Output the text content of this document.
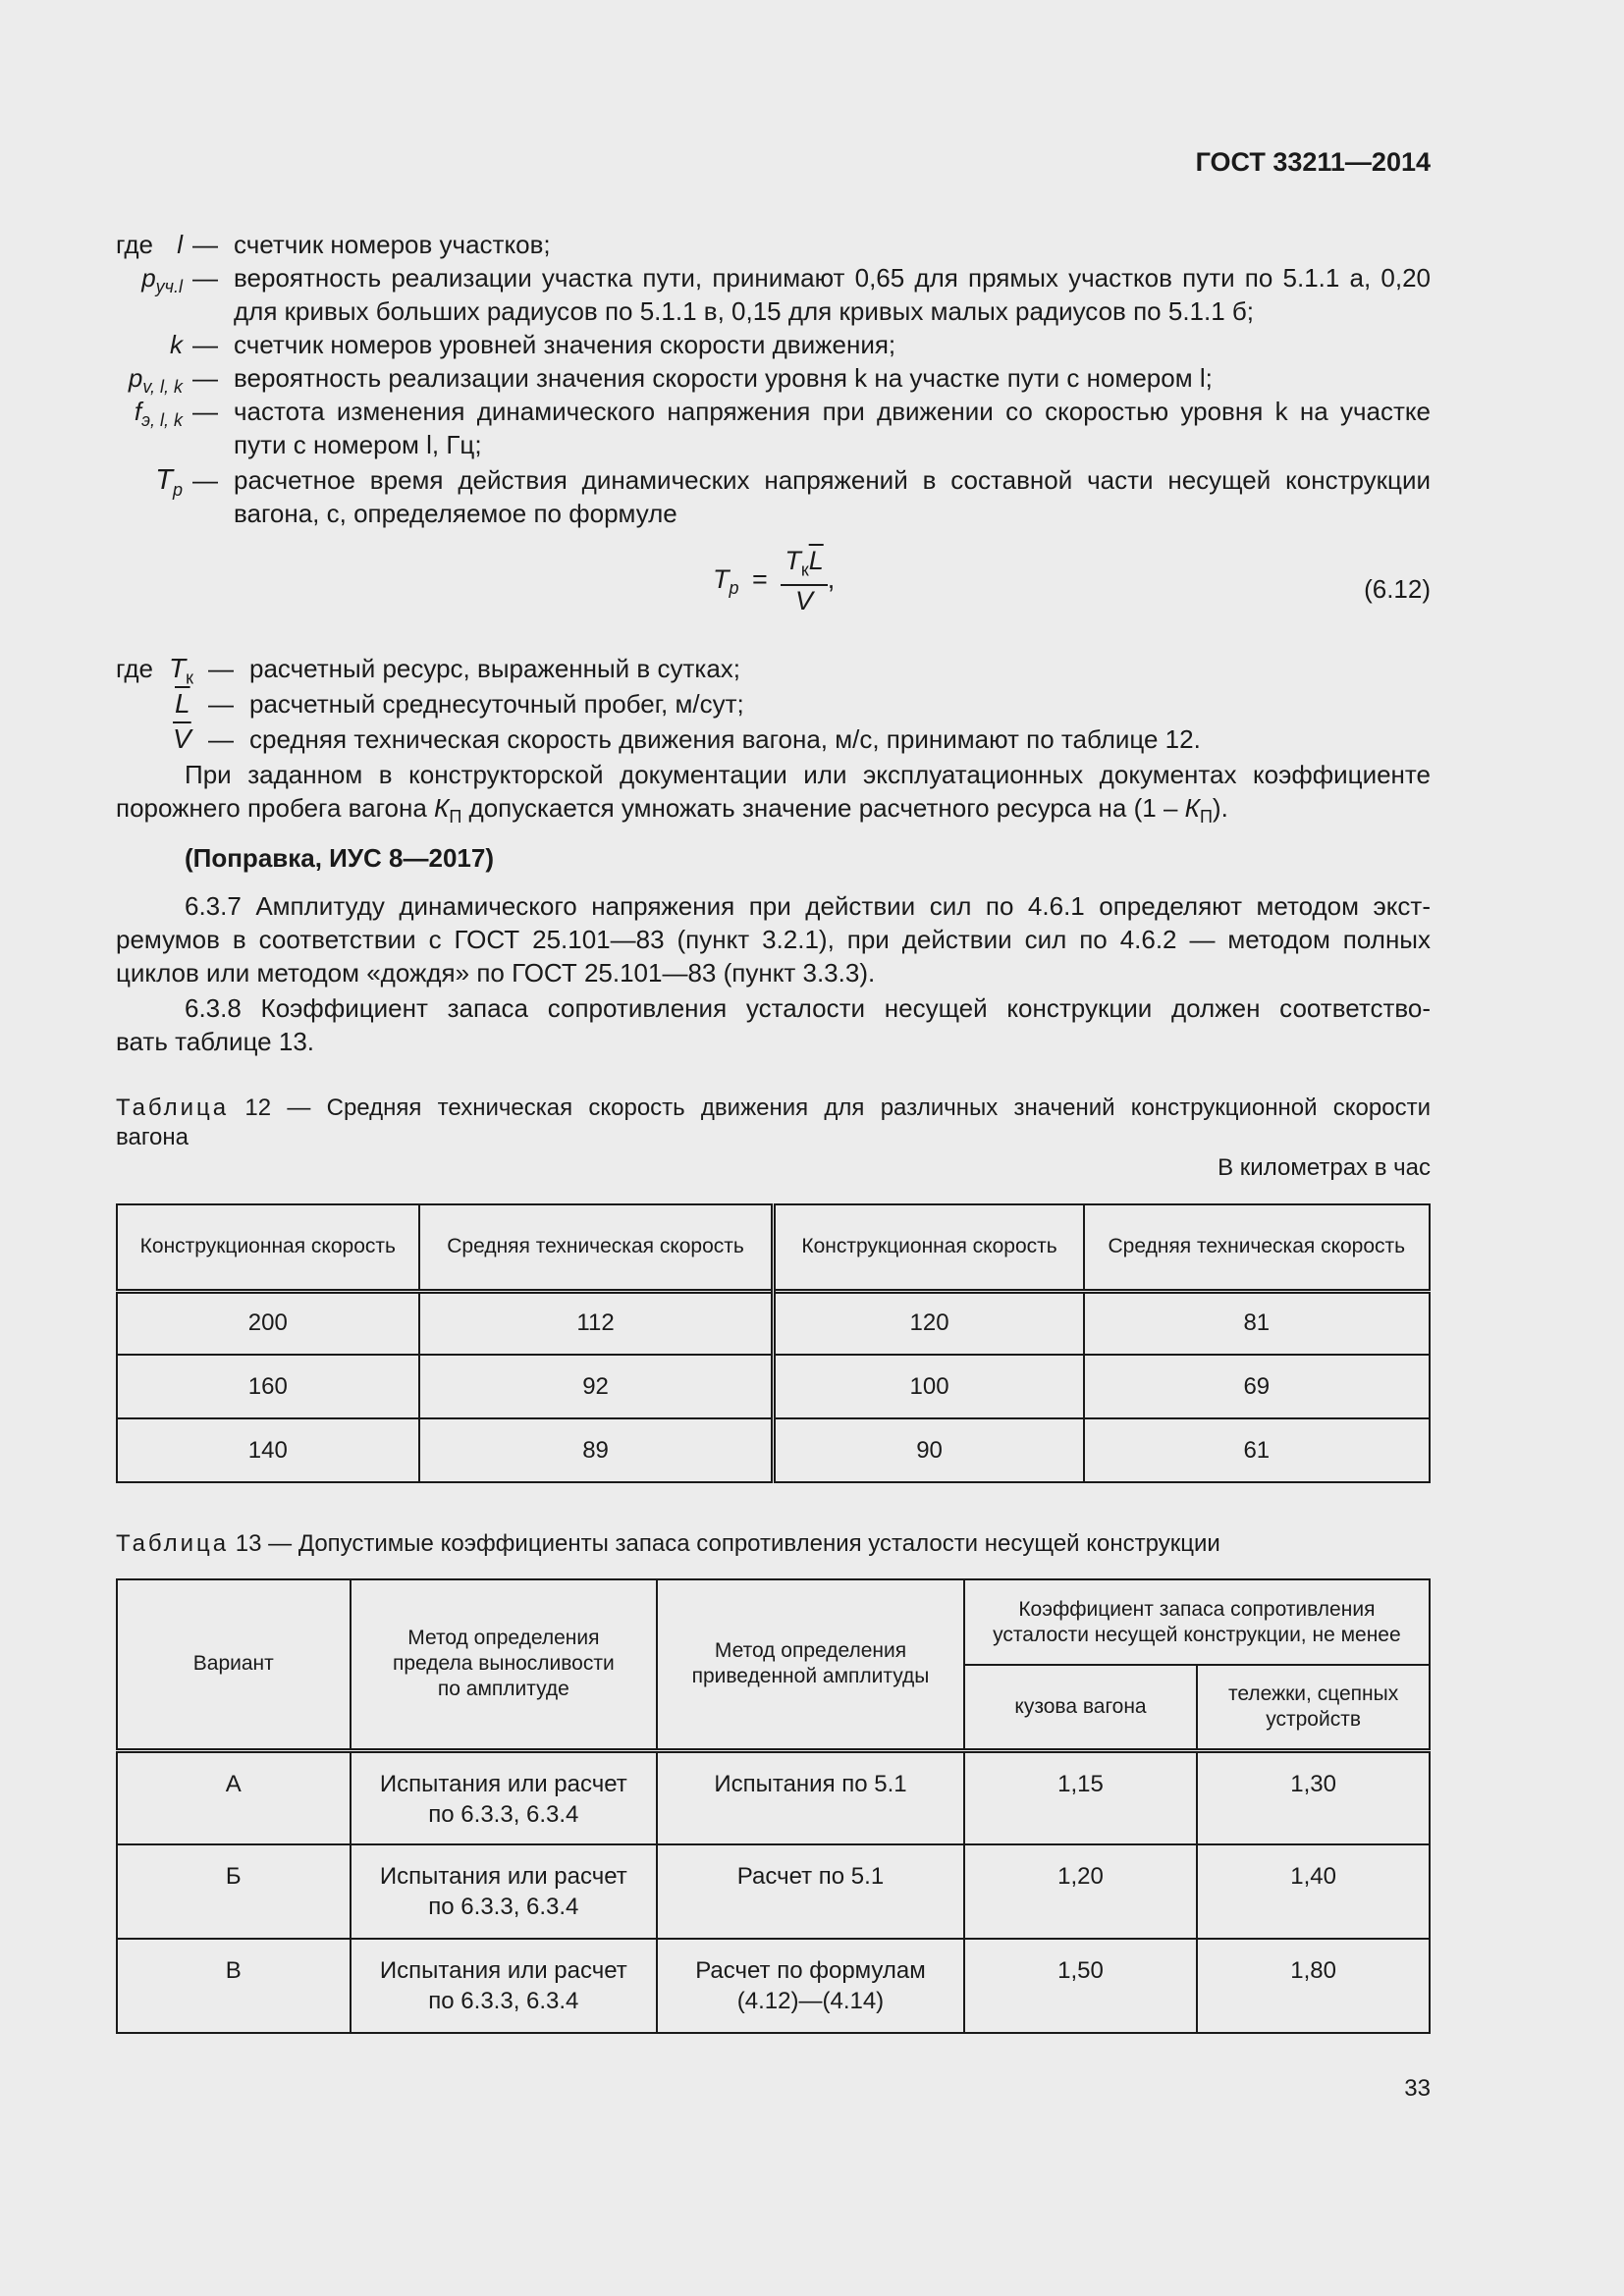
ГОСТ 33211—2014
где l — счетчик номеров участков;
$p_{уч.l}$ — вероятность реализации участка пути, принимают 0,65 для прямых участков пути по 5.1.1 а, 0,20 для кривых больших радиусов по 5.1.1 в, 0,15 для кривых малых радиусов по 5.1.1 б;
k — счетчик номеров уровней значения скорости движения;
$p_{v, l, k}$ — вероятность реализации значения скорости уровня k на участке пути с номером l;
$f_{э, l, k}$ — частота изменения динамического напряжения при движении со скоростью уровня k на участке пути с номером l, Гц;
$T_p$ — расчетное время действия динамических напряжений в составной части несущей конструкции вагона, с, определяемое по формуле
$T_p = \frac{T_к\overline{L}}{V}$ ,	(6.12)
где $T_к$ — расчетный ресурс, выраженный в сутках;
$\overline{L}$ — расчетный среднесуточный пробег, м/сут;
$\overline{V}$ — средняя техническая скорость движения вагона, м/с, принимают по таблице 12.
При заданном в конструкторской документации или эксплуатационных документах коэффициенте
порожнего пробега вагона $К_П$ допускается умножать значение расчетного ресурса на $(1 - К_П)$.
(Поправка, ИУС 8—2017)
6.3.7 Амплитуду динамического напряжения при действии сил по 4.6.1 определяют методом экст-
ремумов в соответствии с ГОСТ 25.101—83 (пункт 3.2.1), при действии сил по 4.6.2 — методом полных
циклов или методом «дождя» по ГОСТ 25.101—83 (пункт 3.3.3).
6.3.8 Коэффициент запаса сопротивления усталости несущей конструкции должен соответство-
вать таблице 13.
Таблица 12 — Средняя техническая скорость движения для различных значений конструкционной скорости
вагона
В километрах в час
Конструкционная скорость	Средняя техническая скорость	Конструкционная скорость	Средняя техническая скорость
200	112	120	81
160	92	100	69
140	89	90	61
Таблица 13 — Допустимые коэффициенты запаса сопротивления усталости несущей конструкции
Вариант	Метод определения предела выносливости по амплитуде	Метод определения приведенной амплитуды	Коэффициент запаса сопротивления усталости несущей конструкции, не менее	
			кузова вагона	тележки, сцепных устройств
А	Испытания или расчет по 6.3.3, 6.3.4	Испытания по 5.1	1,15	1,30
Б	Испытания или расчет по 6.3.3, 6.3.4	Расчет по 5.1	1,20	1,40
В	Испытания или расчет по 6.3.3, 6.3.4	Расчет по формулам (4.12)—(4.14)	1,50	1,80
33
